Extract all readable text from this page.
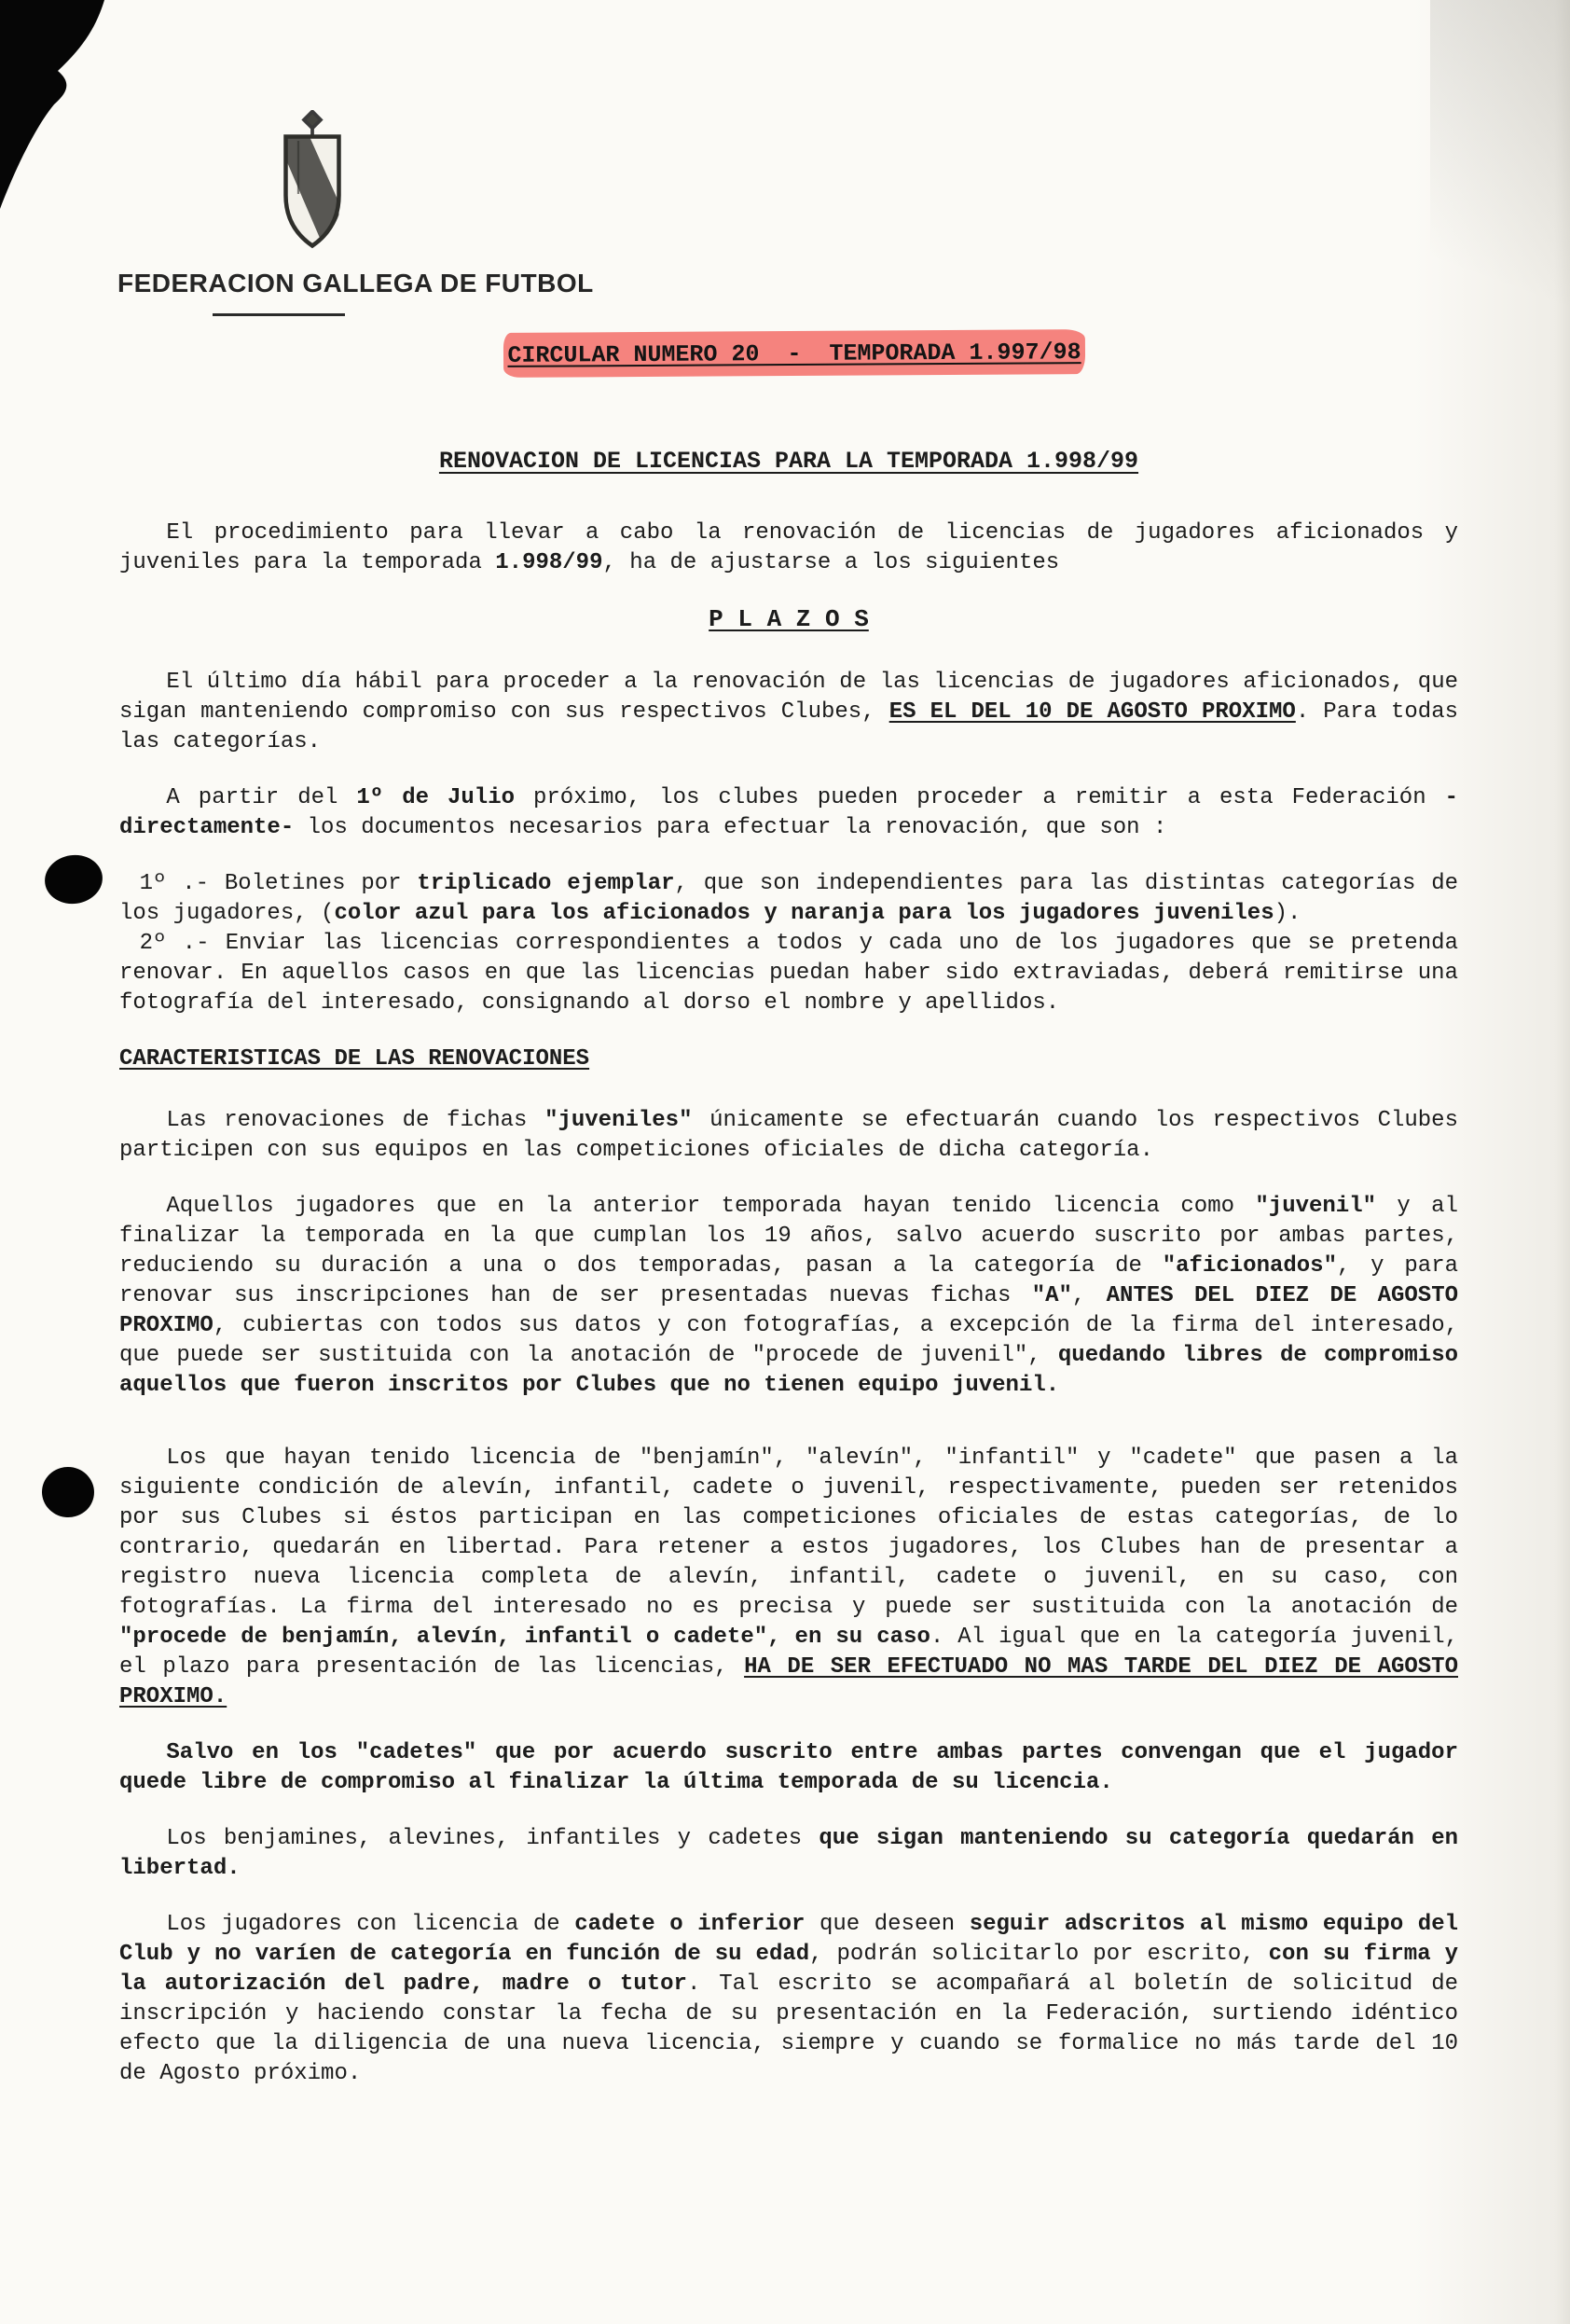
FEDERACION GALLEGA DE FUTBOL
CIRCULAR NUMERO 20  -  TEMPORADA 1.997/98
RENOVACION DE LICENCIAS PARA LA TEMPORADA 1.998/99
El procedimiento para llevar a cabo la renovación de licencias de jugadores aficionados y juveniles para la temporada 1.998/99, ha de ajustarse a los siguientes
P L A Z O S
El último día hábil para proceder a la renovación de las licencias de jugadores aficionados, que sigan manteniendo compromiso con sus respectivos Clubes, ES EL DEL 10 DE AGOSTO PROXIMO. Para todas las categorías.
A partir del 1º de Julio próximo, los clubes pueden proceder a remitir a esta Federación -directamente- los documentos necesarios para efectuar la renovación, que son :
1º .- Boletines por triplicado ejemplar, que son independientes para las distintas categorías de los jugadores, (color azul para los aficionados y naranja para los jugadores juveniles).
2º .- Enviar las licencias correspondientes a todos y cada uno de los jugadores que se pretenda renovar. En aquellos casos en que las licencias puedan haber sido extraviadas, deberá remitirse una fotografía del interesado, consignando al dorso el nombre y apellidos.
CARACTERISTICAS DE LAS RENOVACIONES
Las renovaciones de fichas "juveniles" únicamente se efectuarán cuando los respectivos Clubes participen con sus equipos en las competiciones oficiales de dicha categoría.
Aquellos jugadores que en la anterior temporada hayan tenido licencia como "juvenil" y al finalizar la temporada en la que cumplan los 19 años, salvo acuerdo suscrito por ambas partes, reduciendo su duración a una o dos temporadas, pasan a la categoría de "aficionados", y para renovar sus inscripciones han de ser presentadas nuevas fichas "A", ANTES DEL DIEZ DE AGOSTO PROXIMO, cubiertas con todos sus datos y con fotografías, a excepción de la firma del interesado, que puede ser sustituida con la anotación de "procede de juvenil", quedando libres de compromiso aquellos que fueron inscritos por Clubes que no tienen equipo juvenil.
Los que hayan tenido licencia de "benjamín", "alevín", "infantil" y "cadete" que pasen a la siguiente condición de alevín, infantil, cadete o juvenil, respectivamente, pueden ser retenidos por sus Clubes si éstos participan en las competiciones oficiales de estas categorías, de lo contrario, quedarán en libertad. Para retener a estos jugadores, los Clubes han de presentar a registro nueva licencia completa de alevín, infantil, cadete o juvenil, en su caso, con fotografías. La firma del interesado no es precisa y puede ser sustituida con la anotación de "procede de benjamín, alevín, infantil o cadete", en su caso. Al igual que en la categoría juvenil, el plazo para presentación de las licencias, HA DE SER EFECTUADO NO MAS TARDE DEL DIEZ DE AGOSTO PROXIMO.
Salvo en los "cadetes" que por acuerdo suscrito entre ambas partes convengan que el jugador quede libre de compromiso al finalizar la última temporada de su licencia.
Los benjamines, alevines, infantiles y cadetes que sigan manteniendo su categoría quedarán en libertad.
Los jugadores con licencia de cadete o inferior que deseen seguir adscritos al mismo equipo del Club y no varíen de categoría en función de su edad, podrán solicitarlo por escrito, con su firma y la autorización del padre, madre o tutor. Tal escrito se acompañará al boletín de solicitud de inscripción y haciendo constar la fecha de su presentación en la Federación, surtiendo idéntico efecto que la diligencia de una nueva licencia, siempre y cuando se formalice no más tarde del 10 de Agosto próximo.
